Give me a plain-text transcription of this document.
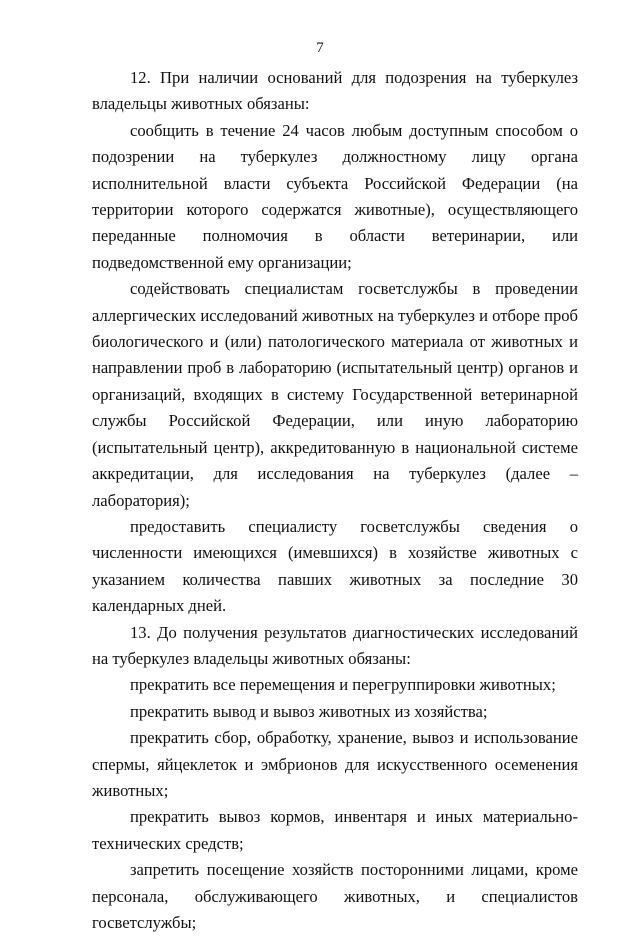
7

12. При наличии оснований для подозрения на туберкулез владельцы животных обязаны:

сообщить в течение 24 часов любым доступным способом о подозрении на туберкулез должностному лицу органа исполнительной власти субъекта Российской Федерации (на территории которого содержатся животные), осуществляющего переданные полномочия в области ветеринарии, или подведомственной ему организации;

содействовать специалистам госветслужбы в проведении аллергических исследований животных на туберкулез и отборе проб биологического и (или) патологического материала от животных и направлении проб в лабораторию (испытательный центр) органов и организаций, входящих в систему Государственной ветеринарной службы Российской Федерации, или иную лабораторию (испытательный центр), аккредитованную в национальной системе аккредитации, для исследования на туберкулез (далее – лаборатория);

предоставить специалисту госветслужбы сведения о численности имеющихся (имевшихся) в хозяйстве животных с указанием количества павших животных за последние 30 календарных дней.

13. До получения результатов диагностических исследований на туберкулез владельцы животных обязаны:

прекратить все перемещения и перегруппировки животных;

прекратить вывод и вывоз животных из хозяйства;

прекратить сбор, обработку, хранение, вывоз и использование спермы, яйцеклеток и эмбрионов для искусственного осеменения животных;

прекратить вывоз кормов, инвентаря и иных материально-технических средств;

запретить посещение хозяйств посторонними лицами, кроме персонала, обслуживающего животных, и специалистов госветслужбы;
